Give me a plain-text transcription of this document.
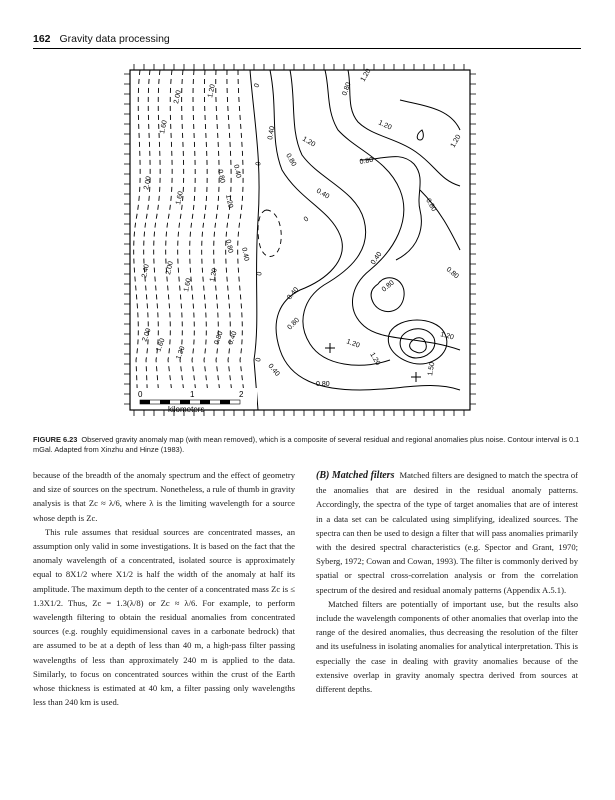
162 Gravity data processing
2.00
1.60
1.20
2.00
1.60
0.80
1.20
0.40
2.40 2.00
1.60
1.20
0.80
0.40
2.00
1.60
1.20
0.80 0.40
0
0
0
0
0
0.40
0.80
0.40
0.80
1.20
0.80
1.20
1.20	1.20
0.80
0.40
0.80
0.80
0.40
0.80
1.20
1.20
1.20
1.50
0.40
0.80
0	1	2
kilometers
FIGURE 6.23 Observed gravity anomaly map (with mean removed), which is a composite of several residual and regional anomalies plus noise. Contour interval is 0.1 mGal. Adapted from Xinzhu and Hinze (1983).

because of the breadth of the anomaly spectrum and the effect of geometry and size of sources on the spectrum. Nonetheless, a rule of thumb in gravity analysis is that Zc ≈ λ/6, where λ is the limiting wavelength for a source whose depth is Zc.

This rule assumes that residual sources are concentrated masses, an assumption only valid in some investigations. It is based on the fact that the anomaly wavelength of a concentrated, isolated source is approximately equal to 8X1/2 where X1/2 is half the width of the anomaly at half its amplitude. The maximum depth to the center of a concentrated mass Zc is ≤ 1.3X1/2. Thus, Zc = 1.3(λ/8) or Zc ≈ λ/6. For example, to perform wavelength filtering to obtain the residual anomalies from concentrated sources (e.g. roughly equidimensional caves in a carbonate bedrock) that are assumed to be at a depth of less than 40 m, a high-pass filter passing wavelengths of less than approximately 240 m is applied to the data. Similarly, to focus on concentrated sources within the crust of the Earth whose thickness is estimated at 40 km, a filter passing only wavelengths less than 240 km is used.

(B) Matched filters Matched filters are designed to match the spectra of the anomalies that are desired in the residual anomaly patterns. Accordingly, the spectra of the type of target anomalies that are of interest in a data set can be calculated using simplifying, idealized sources. The spectra can then be used to design a filter that will pass anomalies primarily with the desired spectral characteristics (e.g. Spector and Grant, 1970; Syberg, 1972; Cowan and Cowan, 1993). The filter is commonly derived by spatial or spectral cross-correlation analysis or from the correlation spectrum of the desired and residual anomaly patterns (Appendix A.5.1).

Matched filters are potentially of important use, but the results also include the wavelength components of other anomalies that overlap into the range of the desired anomalies, thus decreasing the resolution of the filter and its usefulness in isolating anomalies for analytical interpretation. This is especially the case in dealing with gravity anomalies because of the extensive overlap in gravity anomaly spectra derived from sources at different depths.
